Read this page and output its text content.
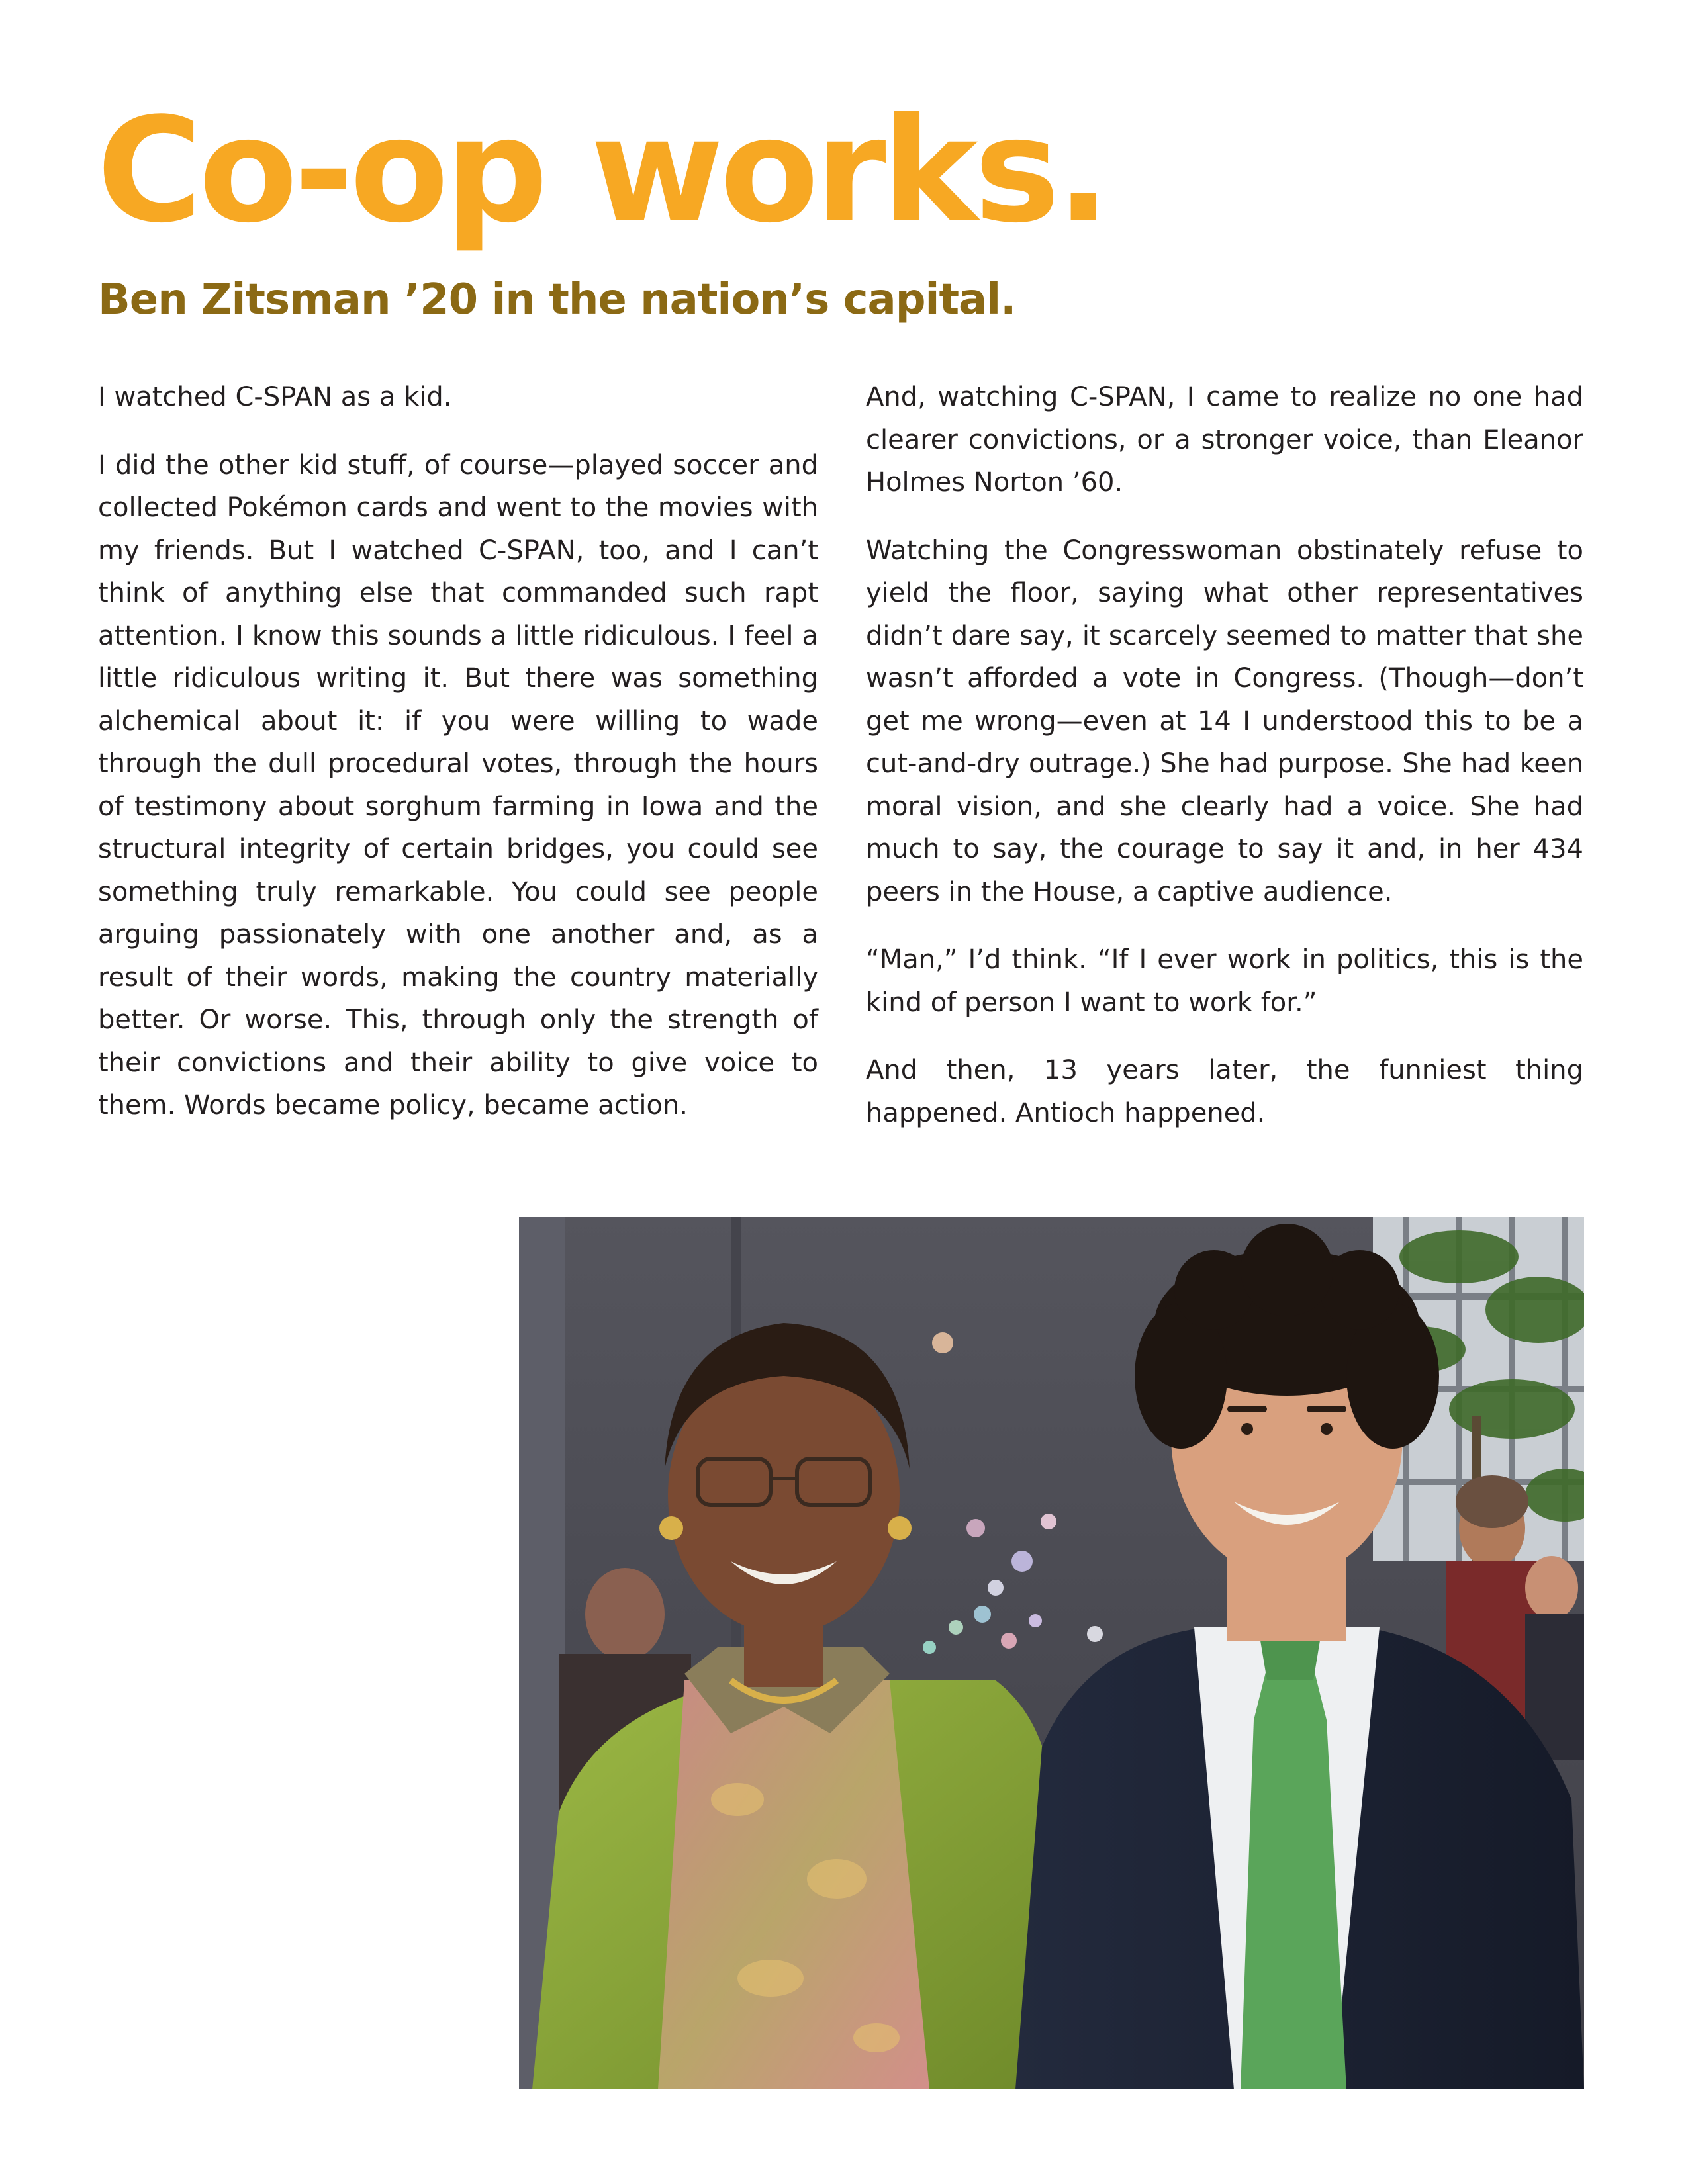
Co-op works.
Ben Zitsman ’20 in the nation’s capital.

I watched C-SPAN as a kid.

I did the other kid stuff, of course—played soccer and collected Pokémon cards and went to the movies with my friends. But I watched C-SPAN, too, and I can’t think of anything else that commanded such rapt attention. I know this sounds a little ridiculous. I feel a little ridiculous writing it. But there was something alchemical about it: if you were willing to wade through the dull procedural votes, through the hours of testimony about sorghum farming in Iowa and the structural integrity of certain bridges, you could see something truly remarkable. You could see people arguing passionately with one another and, as a result of their words, making the country materially better. Or worse. This, through only the strength of their convictions and their ability to give voice to them. Words became policy, became action.

And, watching C-SPAN, I came to realize no one had clearer convictions, or a stronger voice, than Eleanor Holmes Norton ’60.

Watching the Congresswoman obstinately refuse to yield the floor, saying what other representatives didn’t dare say, it scarcely seemed to matter that she wasn’t afforded a vote in Congress. (Though—don’t get me wrong—even at 14 I understood this to be a cut-and-dry outrage.) She had purpose. She had keen moral vision, and she clearly had a voice. She had much to say, the courage to say it and, in her 434 peers in the House, a captive audience.

“Man,” I’d think. “If I ever work in politics, this is the kind of person I want to work for.”

And then, 13 years later, the funniest thing happened. Antioch happened.
